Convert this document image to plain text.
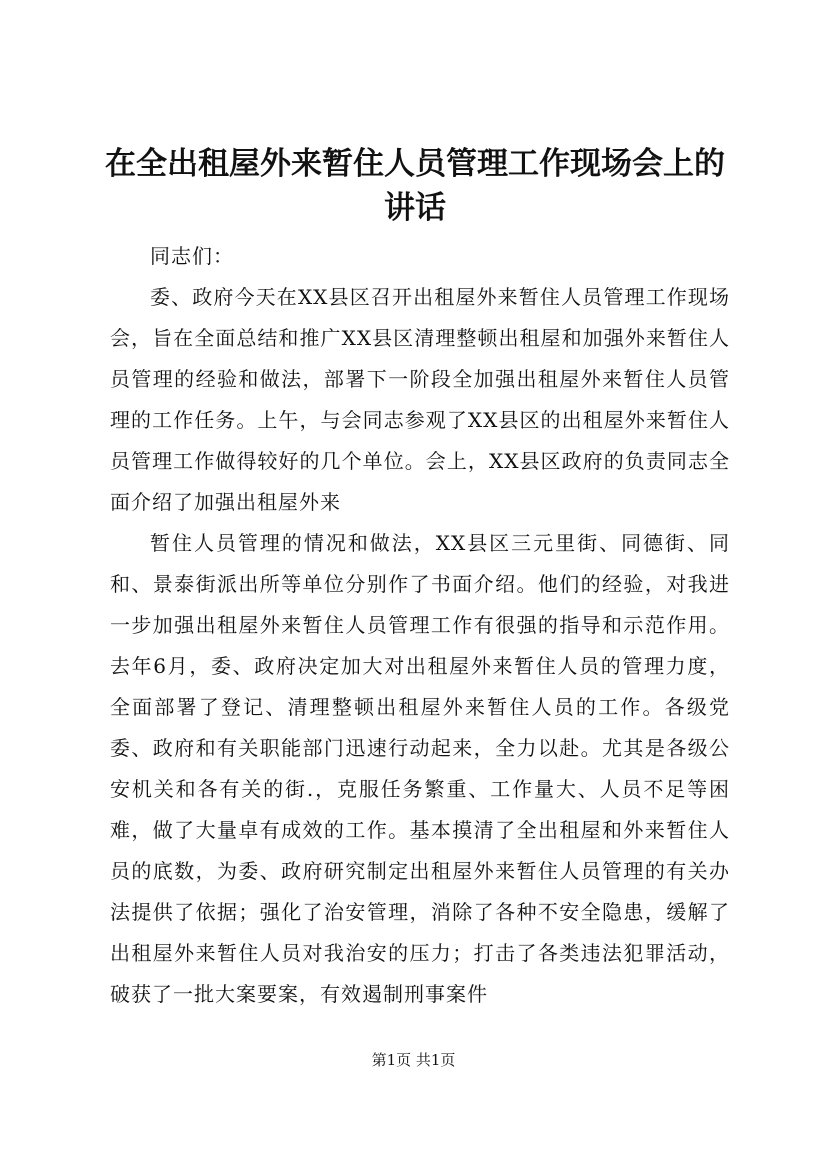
在全出租屋外来暂住人员管理工作现场会上的讲话

同志们：

委、政府今天在XX县区召开出租屋外来暂住人员管理工作现场会，旨在全面总结和推广XX县区清理整顿出租屋和加强外来暂住人员管理的经验和做法，部署下一阶段全加强出租屋外来暂住人员管理的工作任务。上午，与会同志参观了XX县区的出租屋外来暂住人员管理工作做得较好的几个单位。会上，XX县区政府的负责同志全面介绍了加强出租屋外来

暂住人员管理的情况和做法，XX县区三元里街、同德街、同和、景泰街派出所等单位分别作了书面介绍。他们的经验，对我进一步加强出租屋外来暂住人员管理工作有很强的指导和示范作用。去年6月，委、政府决定加大对出租屋外来暂住人员的管理力度，全面部署了登记、清理整顿出租屋外来暂住人员的工作。各级党委、政府和有关职能部门迅速行动起来，全力以赴。尤其是各级公安机关和各有关的街.，克服任务繁重、工作量大、人员不足等困难，做了大量卓有成效的工作。基本摸清了全出租屋和外来暂住人员的底数，为委、政府研究制定出租屋外来暂住人员管理的有关办法提供了依据；强化了治安管理，消除了各种不安全隐患，缓解了出租屋外来暂住人员对我治安的压力；打击了各类违法犯罪活动，破获了一批大案要案，有效遏制刑事案件

第1页 共1页
